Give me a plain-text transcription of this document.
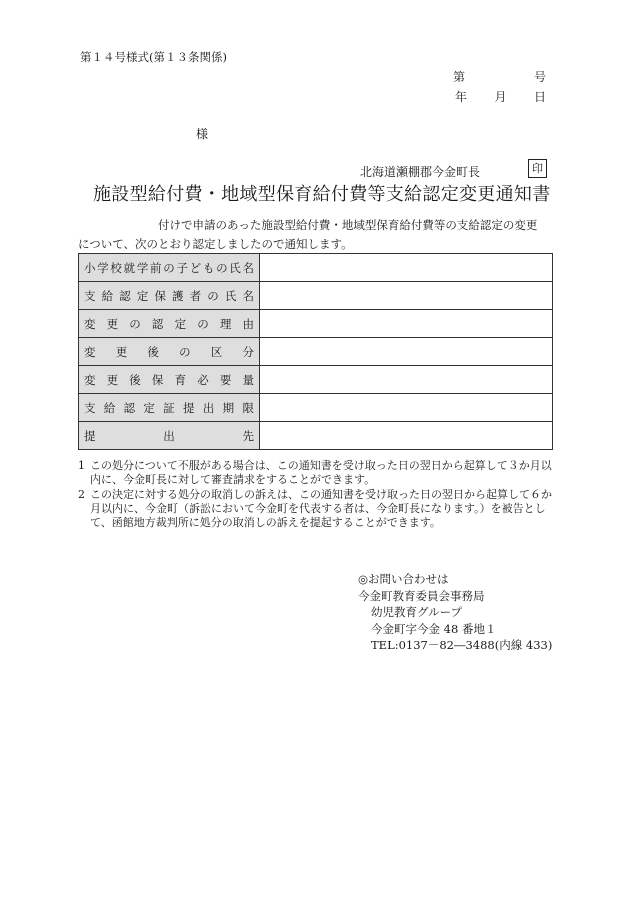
第１４号様式(第１３条関係)
第	号
年 月 日
様
北海道瀬棚郡今金町長	印
施設型給付費・地域型保育給付費等支給認定変更通知書
付けで申請のあった施設型給付費・地域型保育給付費等の支給認定の変更
について、次のとおり認定しましたので通知します。
小学校就学前の子どもの氏名	

支給認定保護者の氏名	

変更の認定の理由	

変更後の区分	

変更後保育必要量	

支給認定証提出期限	

提出先	

1 この処分について不服がある場合は、この通知書を受け取った日の翌日から起算して３か月以内に、今金町長に対して審査請求をすることができます。
2 この決定に対する処分の取消しの訴えは、この通知書を受け取った日の翌日から起算して６か月以内に、今金町（訴訟において今金町を代表する者は、今金町長になります。）を被告として、函館地方裁判所に処分の取消しの訴えを提起することができます。
◎お問い合わせは
今金町教育委員会事務局
幼児教育グループ
今金町字今金 48 番地１
TEL:0137－82―3488(内線 433)
